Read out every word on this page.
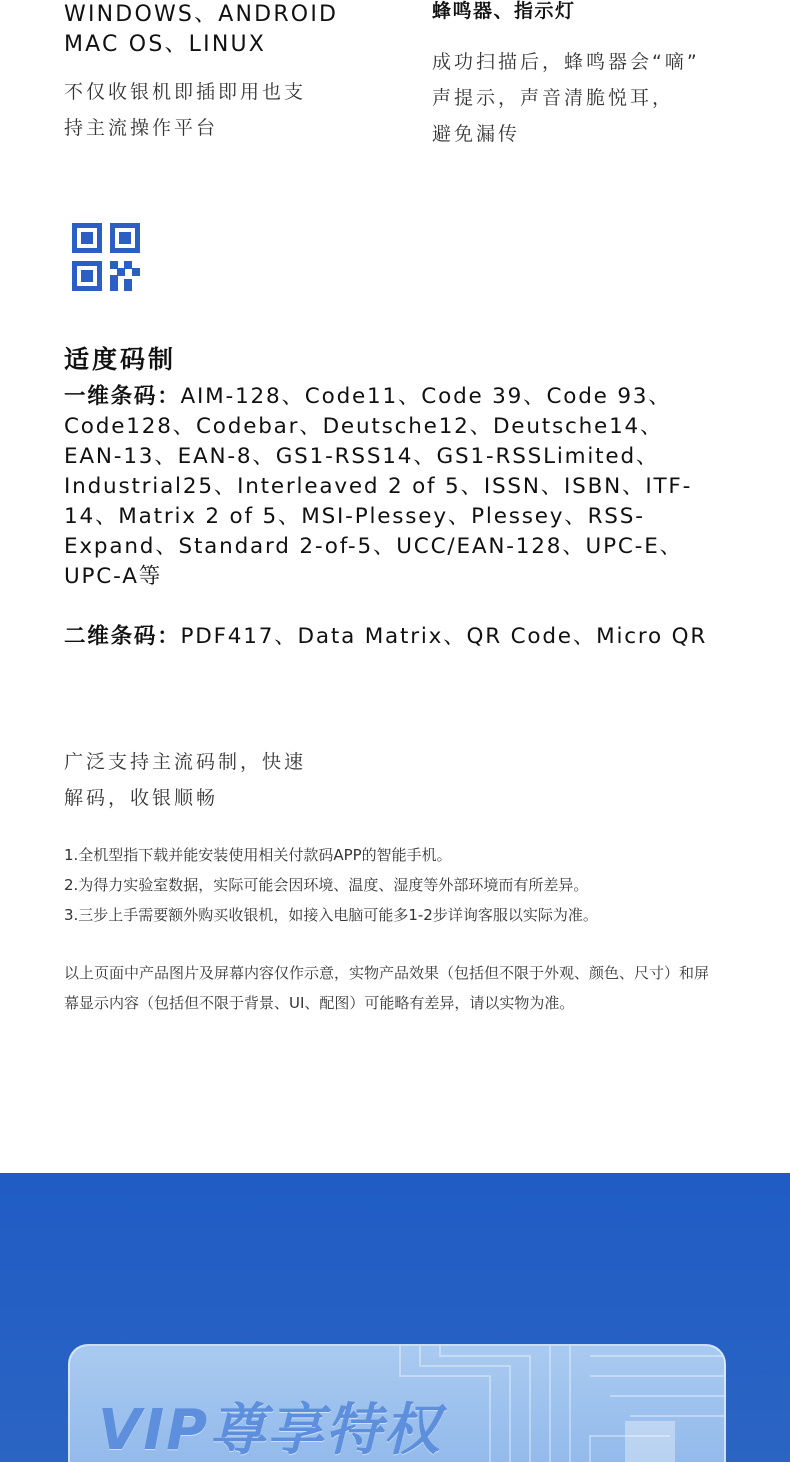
WINDOWS、ANDROID
MAC OS、LINUX
不仅收银机即插即用也支
持主流操作平台
蜂鸣器、指示灯
成功扫描后，蜂鸣器会“嘀”
声提示，声音清脆悦耳，
避免漏传
适度码制
一维条码：AIM-128、Code11、Code 39、Code 93、Code128、Codebar、Deutsche12、Deutsche14、EAN-13、EAN-8、GS1-RSS14、GS1-RSSLimited、Industrial25、Interleaved 2 of 5、ISSN、ISBN、ITF-14、Matrix 2 of 5、MSI-Plessey、Plessey、RSS-Expand、Standard 2-of-5、UCC/EAN-128、UPC-E、UPC-A等
二维条码：PDF417、Data Matrix、QR Code、Micro QR
广泛支持主流码制，快速
解码，收银顺畅
1.全机型指下载并能安装使用相关付款码APP的智能手机。
2.为得力实验室数据，实际可能会因环境、温度、湿度等外部环境而有所差异。
3.三步上手需要额外购买收银机，如接入电脑可能多1-2步详询客服以实际为准。
以上页面中产品图片及屏幕内容仅作示意，实物产品效果（包括但不限于外观、颜色、尺寸）和屏幕显示内容（包括但不限于背景、UI、配图）可能略有差异，请以实物为准。
VIP尊享特权
